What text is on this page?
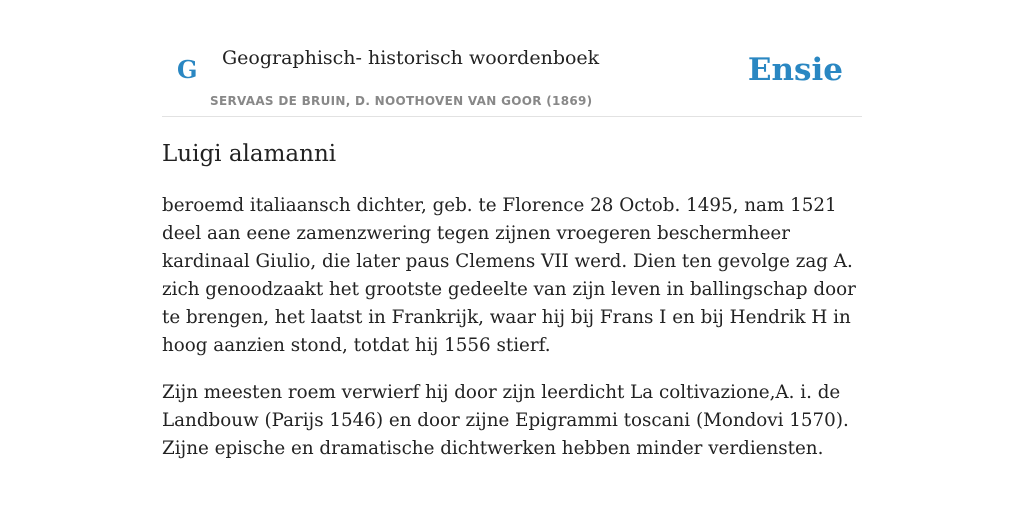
G Geographisch- historisch woordenboek
SERVAAS DE BRUIN, D. NOOTHOVEN VAN GOOR (1869)
Ensie
Luigi alamanni

beroemd italiaansch dichter, geb. te Florence 28 Octob. 1495, nam 1521 deel aan eene zamenzwering tegen zijnen vroegeren beschermheer kardinaal Giulio, die later paus Clemens VII werd. Dien ten gevolge zag A. zich genoodzaakt het grootste gedeelte van zijn leven in ballingschap door te brengen, het laatst in Frankrijk, waar hij bij Frans I en bij Hendrik H in hoog aanzien stond, totdat hij 1556 stierf.

Zijn meesten roem verwierf hij door zijn leerdicht La coltivazione,A. i. de Landbouw (Parijs 1546) en door zijne Epigrammi toscani (Mondovi 1570). Zijne epische en dramatische dichtwerken hebben minder verdiensten.
